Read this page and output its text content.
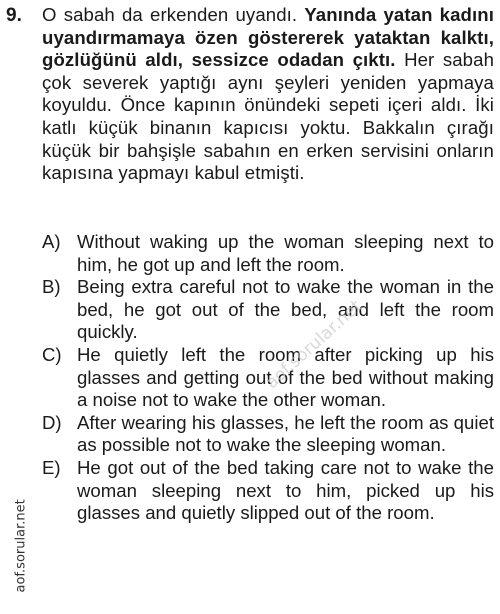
9. O sabah da erkenden uyandı. Yanında yatan kadını uyandırmamaya özen göstererek yataktan kalktı, gözlüğünü aldı, sessizce odadan çıktı. Her sabah çok severek yaptığı aynı şeyleri yeniden yapmaya koyuldu. Önce kapının önündeki sepeti içeri aldı. İki katlı küçük binanın kapıcısı yoktu. Bakkalın çırağı küçük bir bahşişle sabahın en erken servisini onların kapısına yapmayı kabul etmişti.
A) Without waking up the woman sleeping next to him, he got up and left the room.
B) Being extra careful not to wake the woman in the bed, he got out of the bed, and left the room quickly.
C) He quietly left the room after picking up his glasses and getting out of the bed without making a noise not to wake the other woman.
D) After wearing his glasses, he left the room as quiet as possible not to wake the sleeping woman.
E) He got out of the bed taking care not to wake the woman sleeping next to him, picked up his glasses and quietly slipped out of the room.
aof.sorular.net
aof.sorular.net
